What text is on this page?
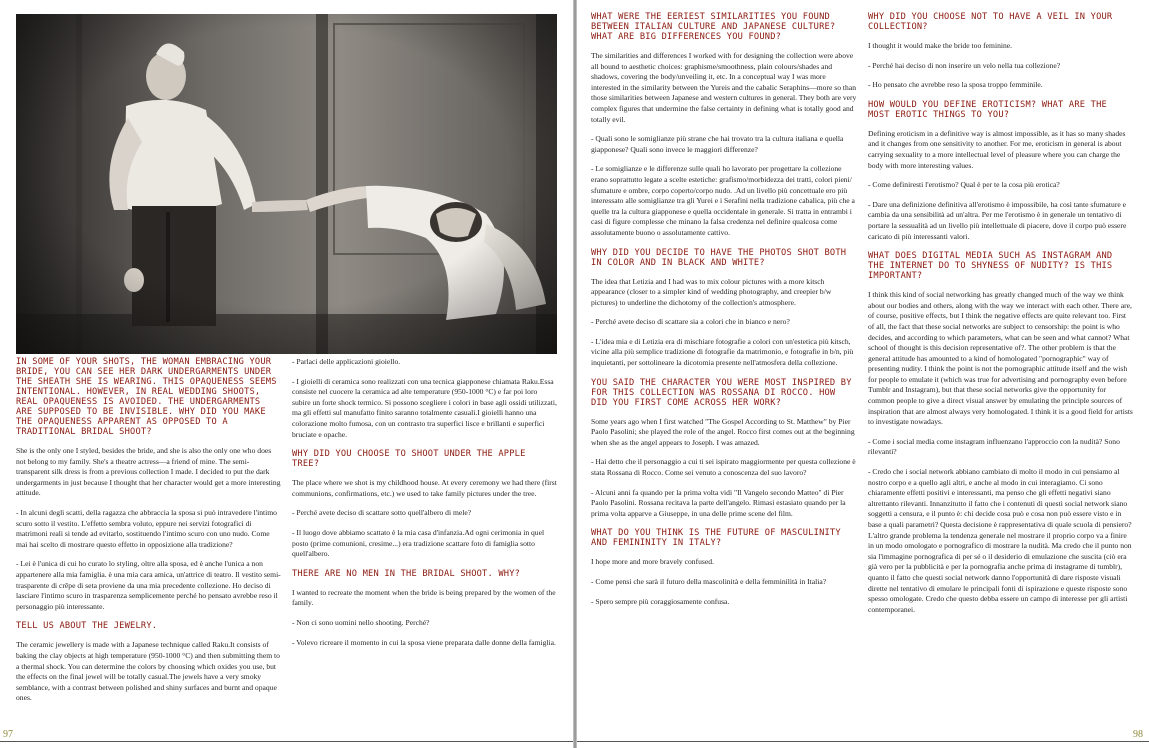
IN SOME OF YOUR SHOTS, THE WOMAN EMBRACING YOUR BRIDE, YOU CAN SEE HER DARK UNDERGARMENTS UNDER THE SHEATH SHE IS WEARING. THIS OPAQUENESS SEEMS INTENTIONAL. HOWEVER, IN REAL WEDDING SHOOTS, REAL OPAQUENESS IS AVOIDED. THE UNDERGARMENTS ARE SUPPOSED TO BE INVISIBLE. WHY DID YOU MAKE THE OPAQUENESS APPARENT AS OPPOSED TO A TRADITIONAL BRIDAL SHOOT?
She is the only one I styled, besides the bride, and she is also the only one who does not belong to my family. She's a theatre actress—a friend of mine. The semi-transparent silk dress is from a previous collection I made. I decided to put the dark undergarments in just because I thought that her character would get a more interesting attitude.
- In alcuni degli scatti, della ragazza che abbraccia la sposa si può intravedere l'intimo scuro sotto il vestito. L'effetto sembra voluto, eppure nei servizi fotografici di matrimoni reali si tende ad evitarlo, sostituendo l'intimo scuro con uno nudo. Come mai hai scelto di mostrare questo effetto in opposizione alla tradizione?
- Lei è l'unica di cui ho curato lo styling, oltre alla sposa, ed è anche l'unica a non appartenere alla mia famiglia. è una mia cara amica, un'attrice di teatro. Il vestito semi-trasparente di crêpe di seta proviene da una mia precedente collezione. Ho deciso di lasciare l'intimo scuro in trasparenza semplicemente perché ho pensato avrebbe reso il personaggio più interessante.
TELL US ABOUT THE JEWELRY.
The ceramic jewellery is made with a Japanese technique called Raku.It consists of baking the clay objects at high temperature (950-1000 °C) and then submitting them to a thermal shock. You can determine the colors by choosing which oxides you use, but the effects on the final jewel will be totally casual.The jewels have a very smoky semblance, with a contrast between polished and shiny surfaces and burnt and opaque ones.
- Parlaci delle applicazioni gioiello.
- I gioielli di ceramica sono realizzati con una tecnica giapponese chiamata Raku.Essa consiste nel cuocere la ceramica ad alte temperature (950-1000 °C) e far poi loro subire un forte shock termico. Si possono scegliere i colori in base agli ossidi utilizzati, ma gli effetti sul manufatto finito saranno totalmente casuali.I gioielli hanno una colorazione molto fumosa, con un contrasto tra superfici lisce e brillanti e superfici bruciate e opache.
WHY DID YOU CHOOSE TO SHOOT UNDER THE APPLE TREE?
The place where we shot is my childhood house. At every ceremony we had there (first communions, confirmations, etc.) we used to take family pictures under the tree.
- Perché avete deciso di scattare sotto quell'albero di mele?
- Il luogo dove abbiamo scattato è la mia casa d'infanzia.Ad ogni cerimonia in quel posto (prime comunioni, cresime...) era tradizione scattare foto di famiglia sotto quell'albero.
THERE ARE NO MEN IN THE BRIDAL SHOOT. WHY?
I wanted to recreate the moment when the bride is being prepared by the women of the family.
- Non ci sono uomini nello shooting. Perché?
- Volevo ricreare il momento in cui la sposa viene preparata dalle donne della famiglia.
97
WHAT WERE THE EERIEST SIMILARITIES YOU FOUND BETWEEN ITALIAN CULTURE AND JAPANESE CULTURE? WHAT ARE BIG DIFFERENCES YOU FOUND?
The similarities and differences I worked with for designing the collection were above all bound to aesthetic choices: graphisme/smoothness, plain colours/shades and shadows, covering the body/unveiling it, etc. In a conceptual way I was more interested in the similarity between the Yureis and the cabalic Seraphins—more so than those similarities between Japanese and western cultures in general. They both are very complex figures that undermine the false certainty in defining what is totally good and totally evil.
- Quali sono le somiglianze più strane che hai trovato tra la cultura italiana e quella giapponese? Quali sono invece le maggiori differenze?
- Le somiglianze e le differenze sulle quali ho lavorato per progettare la collezione erano soprattutto legate a scelte estetiche: grafismo/morbidezza dei tratti, colori pieni/ sfumature e ombre, corpo coperto/corpo nudo. .Ad un livello più concettuale ero più interessato alle somiglianze tra gli Yurei e i Serafini nella tradizione cabalica, più che a quelle tra la cultura giapponese e quella occidentale in generale. Si tratta in entrambi i casi di figure complesse che minano la falsa credenza nel definire qualcosa come assolutamente buono o assolutamente cattivo.
WHY DID YOU DECIDE TO HAVE THE PHOTOS SHOT BOTH IN COLOR AND IN BLACK AND WHITE?
The idea that Letizia and I had was to mix colour pictures with a more kitsch appearance (closer to a simpler kind of wedding photography, and creepier b/w pictures) to underline the dichotomy of the collection's atmosphere.
- Perché avete deciso di scattare sia a colori che in bianco e nero?
- L'idea mia e di Letizia era di mischiare fotografie a colori con un'estetica più kitsch, vicine alla più semplice tradizione di fotografie da matrimonio, e fotografie in b/n, più inquietanti, per sottolineare la dicotomia presente nell'atmosfera della collezione.
YOU SAID THE CHARACTER YOU WERE MOST INSPIRED BY FOR THIS COLLECTION WAS ROSSANA DI ROCCO. HOW DID YOU FIRST COME ACROSS HER WORK?
Some years ago when I first watched "The Gospel According to St. Matthew" by Pier Paolo Pasolini; she played the role of the angel. Rocco first comes out at the beginning when she as the angel appears to Joseph. I was amazed.
- Hai detto che il personaggio a cui ti sei ispirato maggiormente per questa collezione è stata Rossana di Rocco. Come sei venuto a conoscenza del suo lavoro?
- Alcuni anni fa quando per la prima volta vidi "Il Vangelo secondo Matteo" di Pier Paolo Pasolini. Rossana recitava la parte dell'angelo. Rimasi estasiato quando per la prima volta apparve a Giuseppe, in una delle prime scene del film.
WHAT DO YOU THINK IS THE FUTURE OF MASCULINITY AND FEMININITY IN ITALY?
I hope more and more bravely confused.
- Come pensi che sarà il futuro della mascolinità e della femminilità in Italia?
- Spero sempre più coraggiosamente confusa.
WHY DID YOU CHOOSE NOT TO HAVE A VEIL IN YOUR COLLECTION?
I thought it would make the bride too feminine.
- Perché hai deciso di non inserire un velo nella tua collezione?
- Ho pensato che avrebbe reso la sposa troppo femminile.
HOW WOULD YOU DEFINE EROTICISM? WHAT ARE THE MOST EROTIC THINGS TO YOU?
Defining eroticism in a definitive way is almost impossible, as it has so many shades and it changes from one sensitivity to another. For me, eroticism in general is about carrying sexuality to a more intellectual level of pleasure where you can charge the body with more interesting values.
- Come definiresti l'erotismo? Qual è per te la cosa più erotica?
- Dare una definizione definitiva all'erotismo è impossibile, ha così tante sfumature e cambia da una sensibilità ad un'altra. Per me l'erotismo è in generale un tentativo di portare la sessualità ad un livello più intellettuale di piacere, dove il corpo può essere caricato di più interessanti valori.
WHAT DOES DIGITAL MEDIA SUCH AS INSTAGRAM AND THE INTERNET DO TO SHYNESS OF NUDITY? IS THIS IMPORTANT?
I think this kind of social networking has greatly changed much of the way we think about our bodies and others, along with the way we interact with each other. There are, of course, positive effects, but I think the negative effects are quite relevant too. First of all, the fact that these social networks are subject to censorship: the point is who decides, and according to which parameters, what can be seen and what cannot? What school of thought is this decision representative of?. The other problem is that the general attitude has amounted to a kind of homologated "pornographic" way of presenting nudity. I think the point is not the pornographic attitude itself and the wish for people to emulate it (which was true for advertising and pornography even before Tumblr and Instagram), but that these social networks give the opportunity for common people to give a direct visual answer by emulating the principle sources of inspiration that are almost always very homologated. I think it is a good field for artists to investigate nowadays.
- Come i social media come instagram influenzano l'approccio con la nudità? Sono rilevanti?
- Credo che i social network abbiano cambiato di molto il modo in cui pensiamo al nostro corpo e a quello agli altri, e anche al modo in cui interagiamo. Ci sono chiaramente effetti positivi e interessanti, ma penso che gli effetti negativi siano altrettanto rilevanti. Innanzitutto il fatto che i contenuti di questi social network siano soggetti a censura, e il punto è: chi decide cosa può e cosa non può essere visto e in base a quali parametri? Questa decisione è rappresentativa di quale scuola di pensiero? L'altro grande problema la tendenza generale nel mostrare il proprio corpo va a finire in un modo omologato e pornografico di mostrare la nudità. Ma credo che il punto non sia l'immagine pornografica di per sé o il desiderio di emulazione che suscita (ciò era già vero per la pubblicità e per la pornografia anche prima di instagrame di tumblr), quanto il fatto che questi social network danno l'opportunità di dare risposte visuali dirette nel tentativo di emulare le principali fonti di ispirazione e queste risposte sono spesso omologate. Credo che questo debba essere un campo di interesse per gli artisti contemporanei.
98
